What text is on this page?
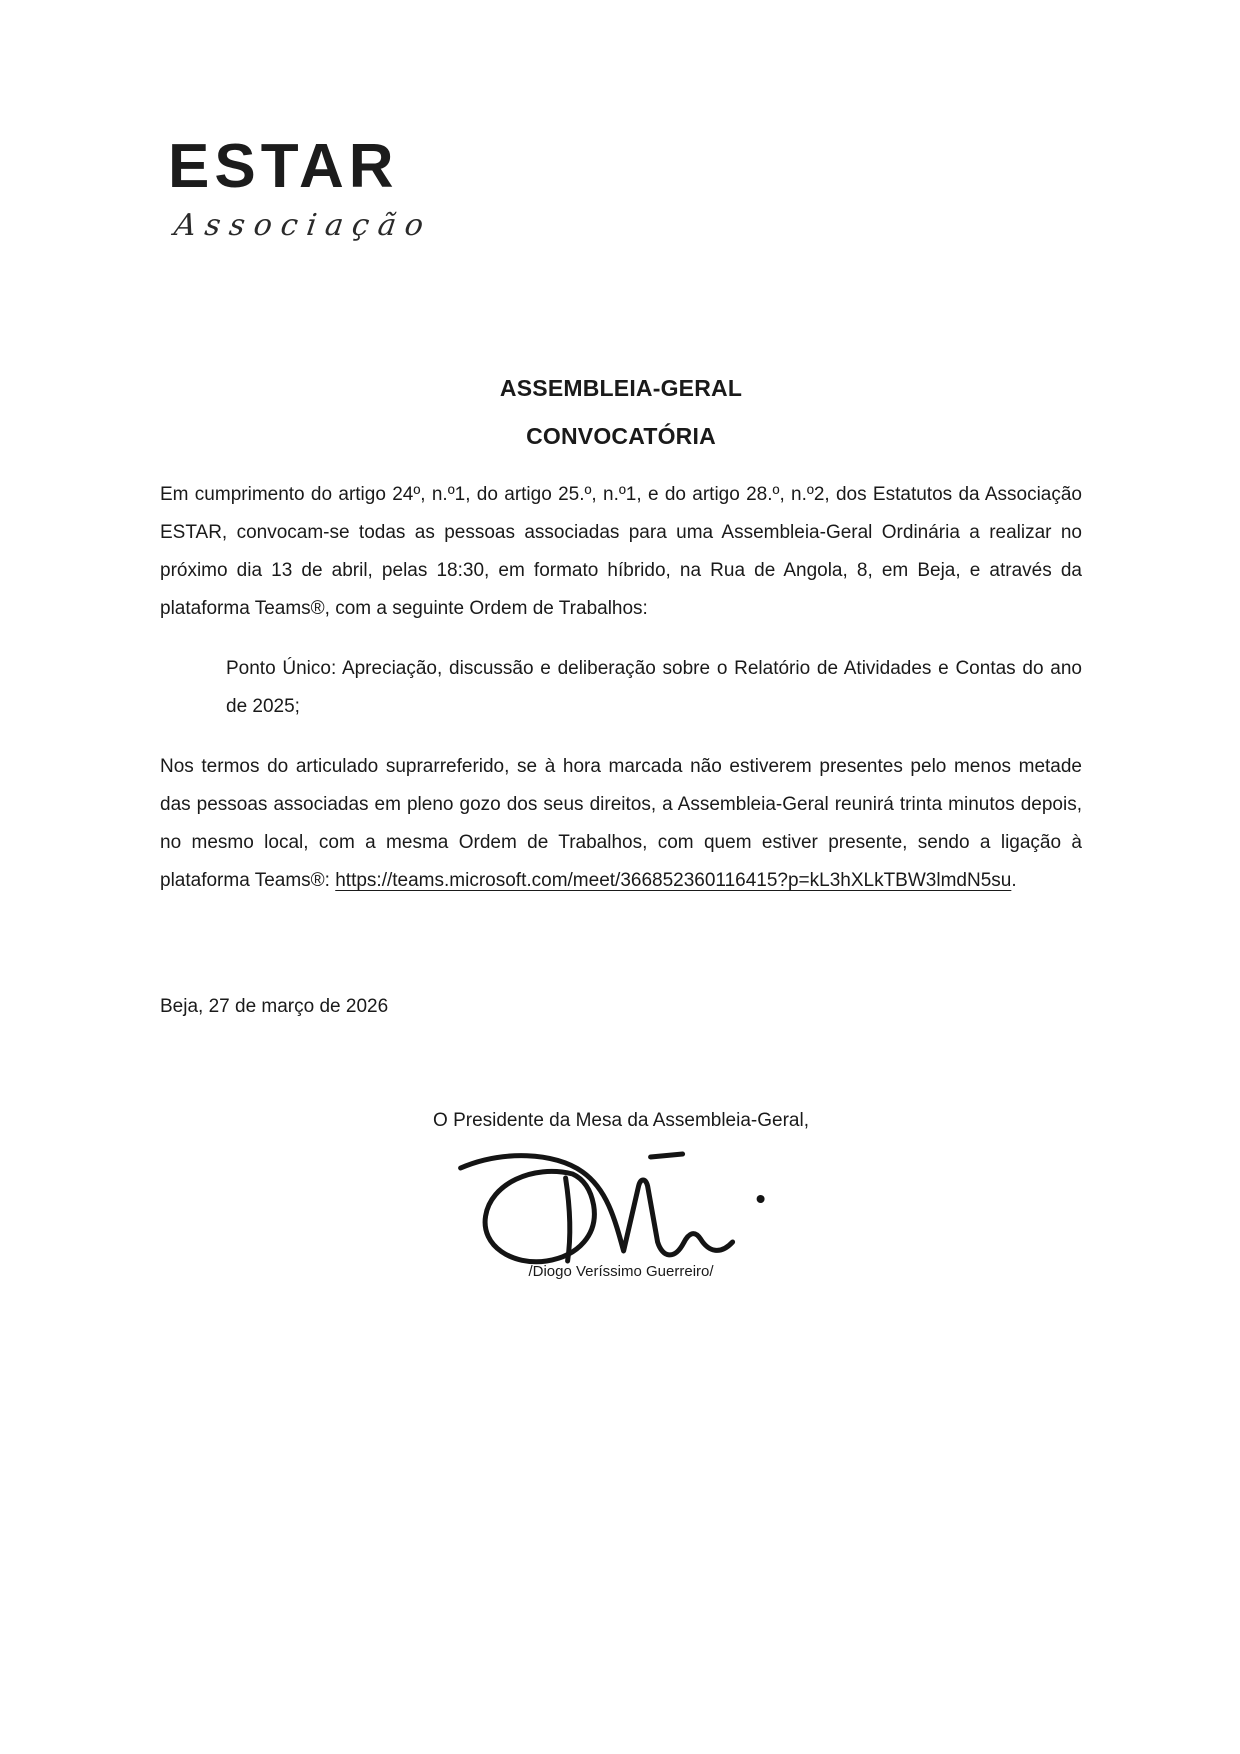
ESTAR
Associação
ASSEMBLEIA-GERAL
CONVOCATÓRIA

Em cumprimento do artigo 24º, n.º1, do artigo 25.º, n.º1, e do artigo 28.º, n.º2, dos Estatutos da Associação ESTAR, convocam-se todas as pessoas associadas para uma Assembleia-Geral Ordinária a realizar no próximo dia 13 de abril, pelas 18:30, em formato híbrido, na Rua de Angola, 8, em Beja, e através da plataforma Teams®, com a seguinte Ordem de Trabalhos:

Ponto Único: Apreciação, discussão e deliberação sobre o Relatório de Atividades e Contas do ano de 2025;

Nos termos do articulado suprarreferido, se à hora marcada não estiverem presentes pelo menos metade das pessoas associadas em pleno gozo dos seus direitos, a Assembleia-Geral reunirá trinta minutos depois, no mesmo local, com a mesma Ordem de Trabalhos, com quem estiver presente, sendo a ligação à plataforma Teams®: https://teams.microsoft.com/meet/366852360116415?p=kL3hXLkTBW3lmdN5su.

Beja, 27 de março de 2026

O Presidente da Mesa da Assembleia-Geral,
/Diogo Veríssimo Guerreiro/
